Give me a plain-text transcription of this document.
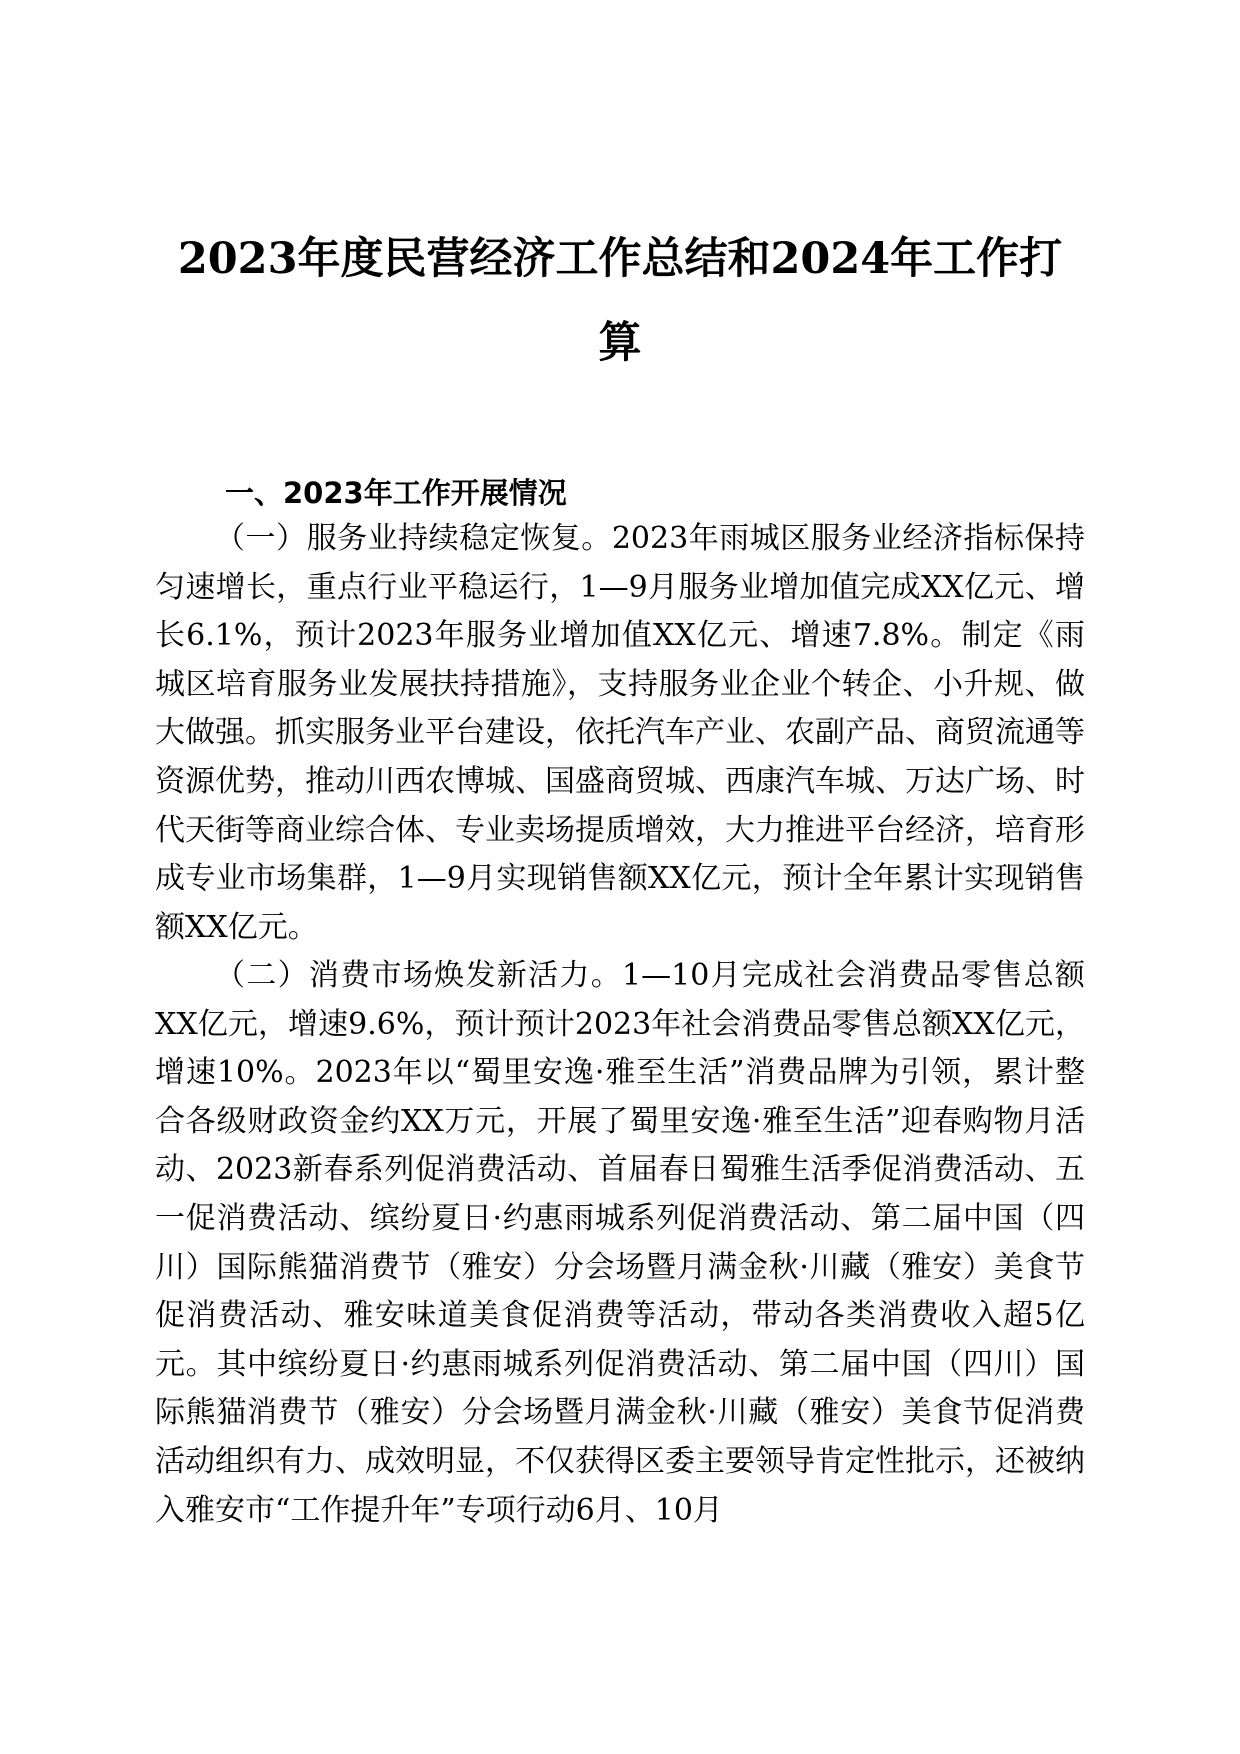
2023年度民营经济工作总结和2024年工作打
算
一、2023年工作开展情况

（一）服务业持续稳定恢复。2023年雨城区服务业经济指标保持匀速增长，重点行业平稳运行，1—9月服务业增加值完成XX亿元、增长6.1%，预计2023年服务业增加值XX亿元、增速7.8%。制定《雨城区培育服务业发展扶持措施》，支持服务业企业个转企、小升规、做大做强。抓实服务业平台建设，依托汽车产业、农副产品、商贸流通等资源优势，推动川西农博城、国盛商贸城、西康汽车城、万达广场、时代天街等商业综合体、专业卖场提质增效，大力推进平台经济，培育形成专业市场集群，1—9月实现销售额XX亿元，预计全年累计实现销售额XX亿元。

（二）消费市场焕发新活力。1—10月完成社会消费品零售总额XX亿元，增速9.6%，预计预计2023年社会消费品零售总额XX亿元，增速10%。2023年以“蜀里安逸·雅至生活”消费品牌为引领，累计整合各级财政资金约XX万元，开展了蜀里安逸·雅至生活”迎春购物月活动、2023新春系列促消费活动、首届春日蜀雅生活季促消费活动、五一促消费活动、缤纷夏日·约惠雨城系列促消费活动、第二届中国（四川）国际熊猫消费节（雅安）分会场暨月满金秋·川藏（雅安）美食节促消费活动、雅安味道美食促消费等活动，带动各类消费收入超5亿元。其中缤纷夏日·约惠雨城系列促消费活动、第二届中国（四川）国际熊猫消费节（雅安）分会场暨月满金秋·川藏（雅安）美食节促消费活动组织有力、成效明显，不仅获得区委主要领导肯定性批示，还被纳入雅安市“工作提升年”专项行动6月、10月
